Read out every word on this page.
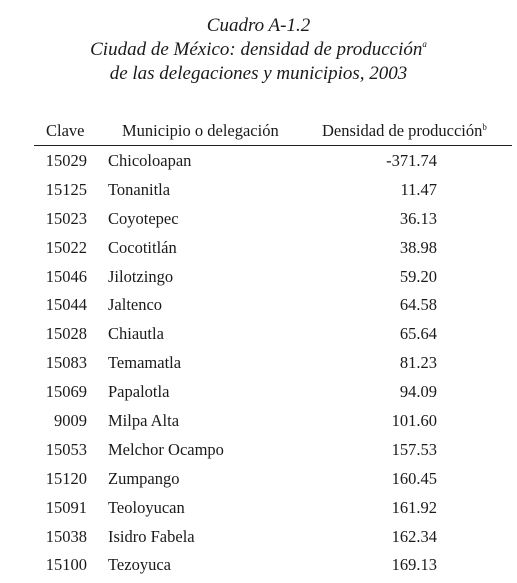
Cuadro A-1.2
Ciudad de México: densidad de producción$^a$
de las delegaciones y municipios, 2003
Clave Municipio o delegación	Densidad de producción$^b$
15029 Chicoloapan	-371.74
15125 Tonanitla	11.47
15023 Coyotepec	36.13
15022 Cocotitlán	38.98
15046 Jilotzingo	59.20
15044 Jaltenco	64.58
15028 Chiautla	65.64
15083 Temamatla	81.23
15069 Papalotla	94.09
9009 Milpa Alta	101.60
15053 Melchor Ocampo	157.53
15120 Zumpango	160.45
15091 Teoloyucan	161.92
15038 Isidro Fabela	162.34
15100 Tezoyuca	169.13
